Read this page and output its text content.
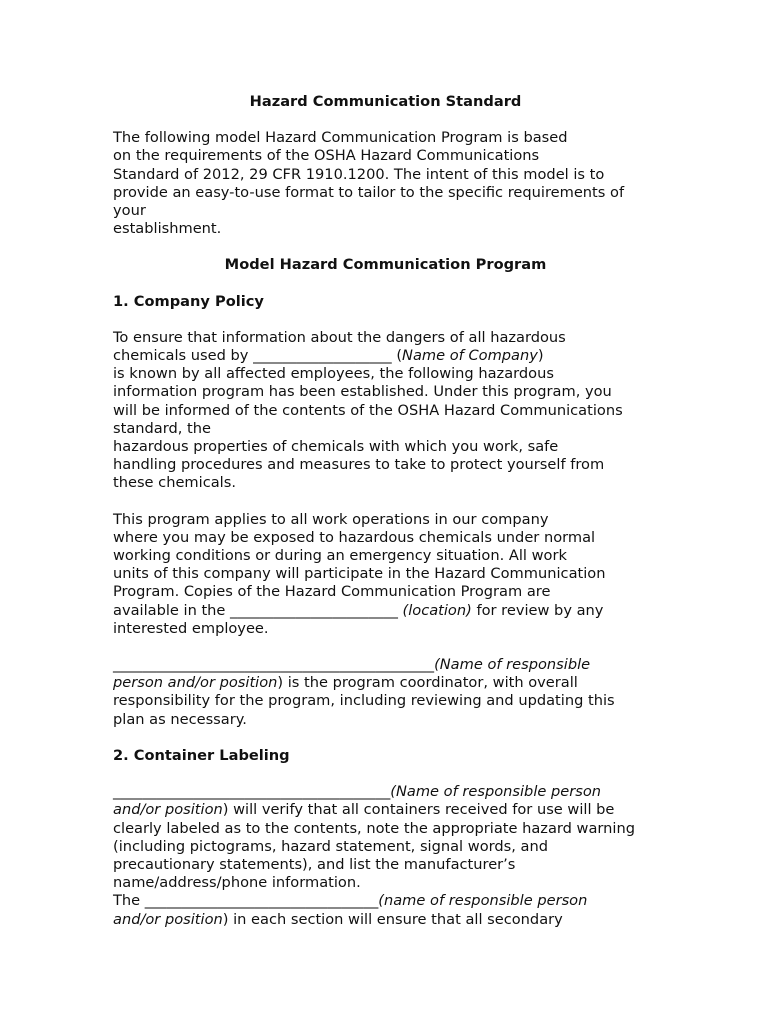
Hazard Communication Standard
The following model Hazard Communication Program is based
on the requirements of the OSHA Hazard Communications
Standard of 2012, 29 CFR 1910.1200. The intent of this model is to
provide an easy-to-use format to tailor to the specific requirements of
your
establishment.
Model Hazard Communication Program
1. Company Policy
To ensure that information about the dangers of all hazardous
chemicals used by ___________________ (Name of Company)
is known by all affected employees, the following hazardous
information program has been established. Under this program, you
will be informed of the contents of the OSHA Hazard Communications
standard, the
hazardous properties of chemicals with which you work, safe
handling procedures and measures to take to protect yourself from
these chemicals.
This program applies to all work operations in our company
where you may be exposed to hazardous chemicals under normal
working conditions or during an emergency situation. All work
units of this company will participate in the Hazard Communication
Program. Copies of the Hazard Communication Program are
available in the _______________________ (location) for review by any
interested employee.
____________________________________________(Name of responsible
person and/or position) is the program coordinator, with overall
responsibility for the program, including reviewing and updating this
plan as necessary.
2. Container Labeling
______________________________________(Name of responsible person
and/or position) will verify that all containers received for use will be
clearly labeled as to the contents, note the appropriate hazard warning
(including pictograms, hazard statement, signal words, and
precautionary statements), and list the manufacturer’s
name/address/phone information.
The ________________________________(name of responsible person
and/or position) in each section will ensure that all secondary
